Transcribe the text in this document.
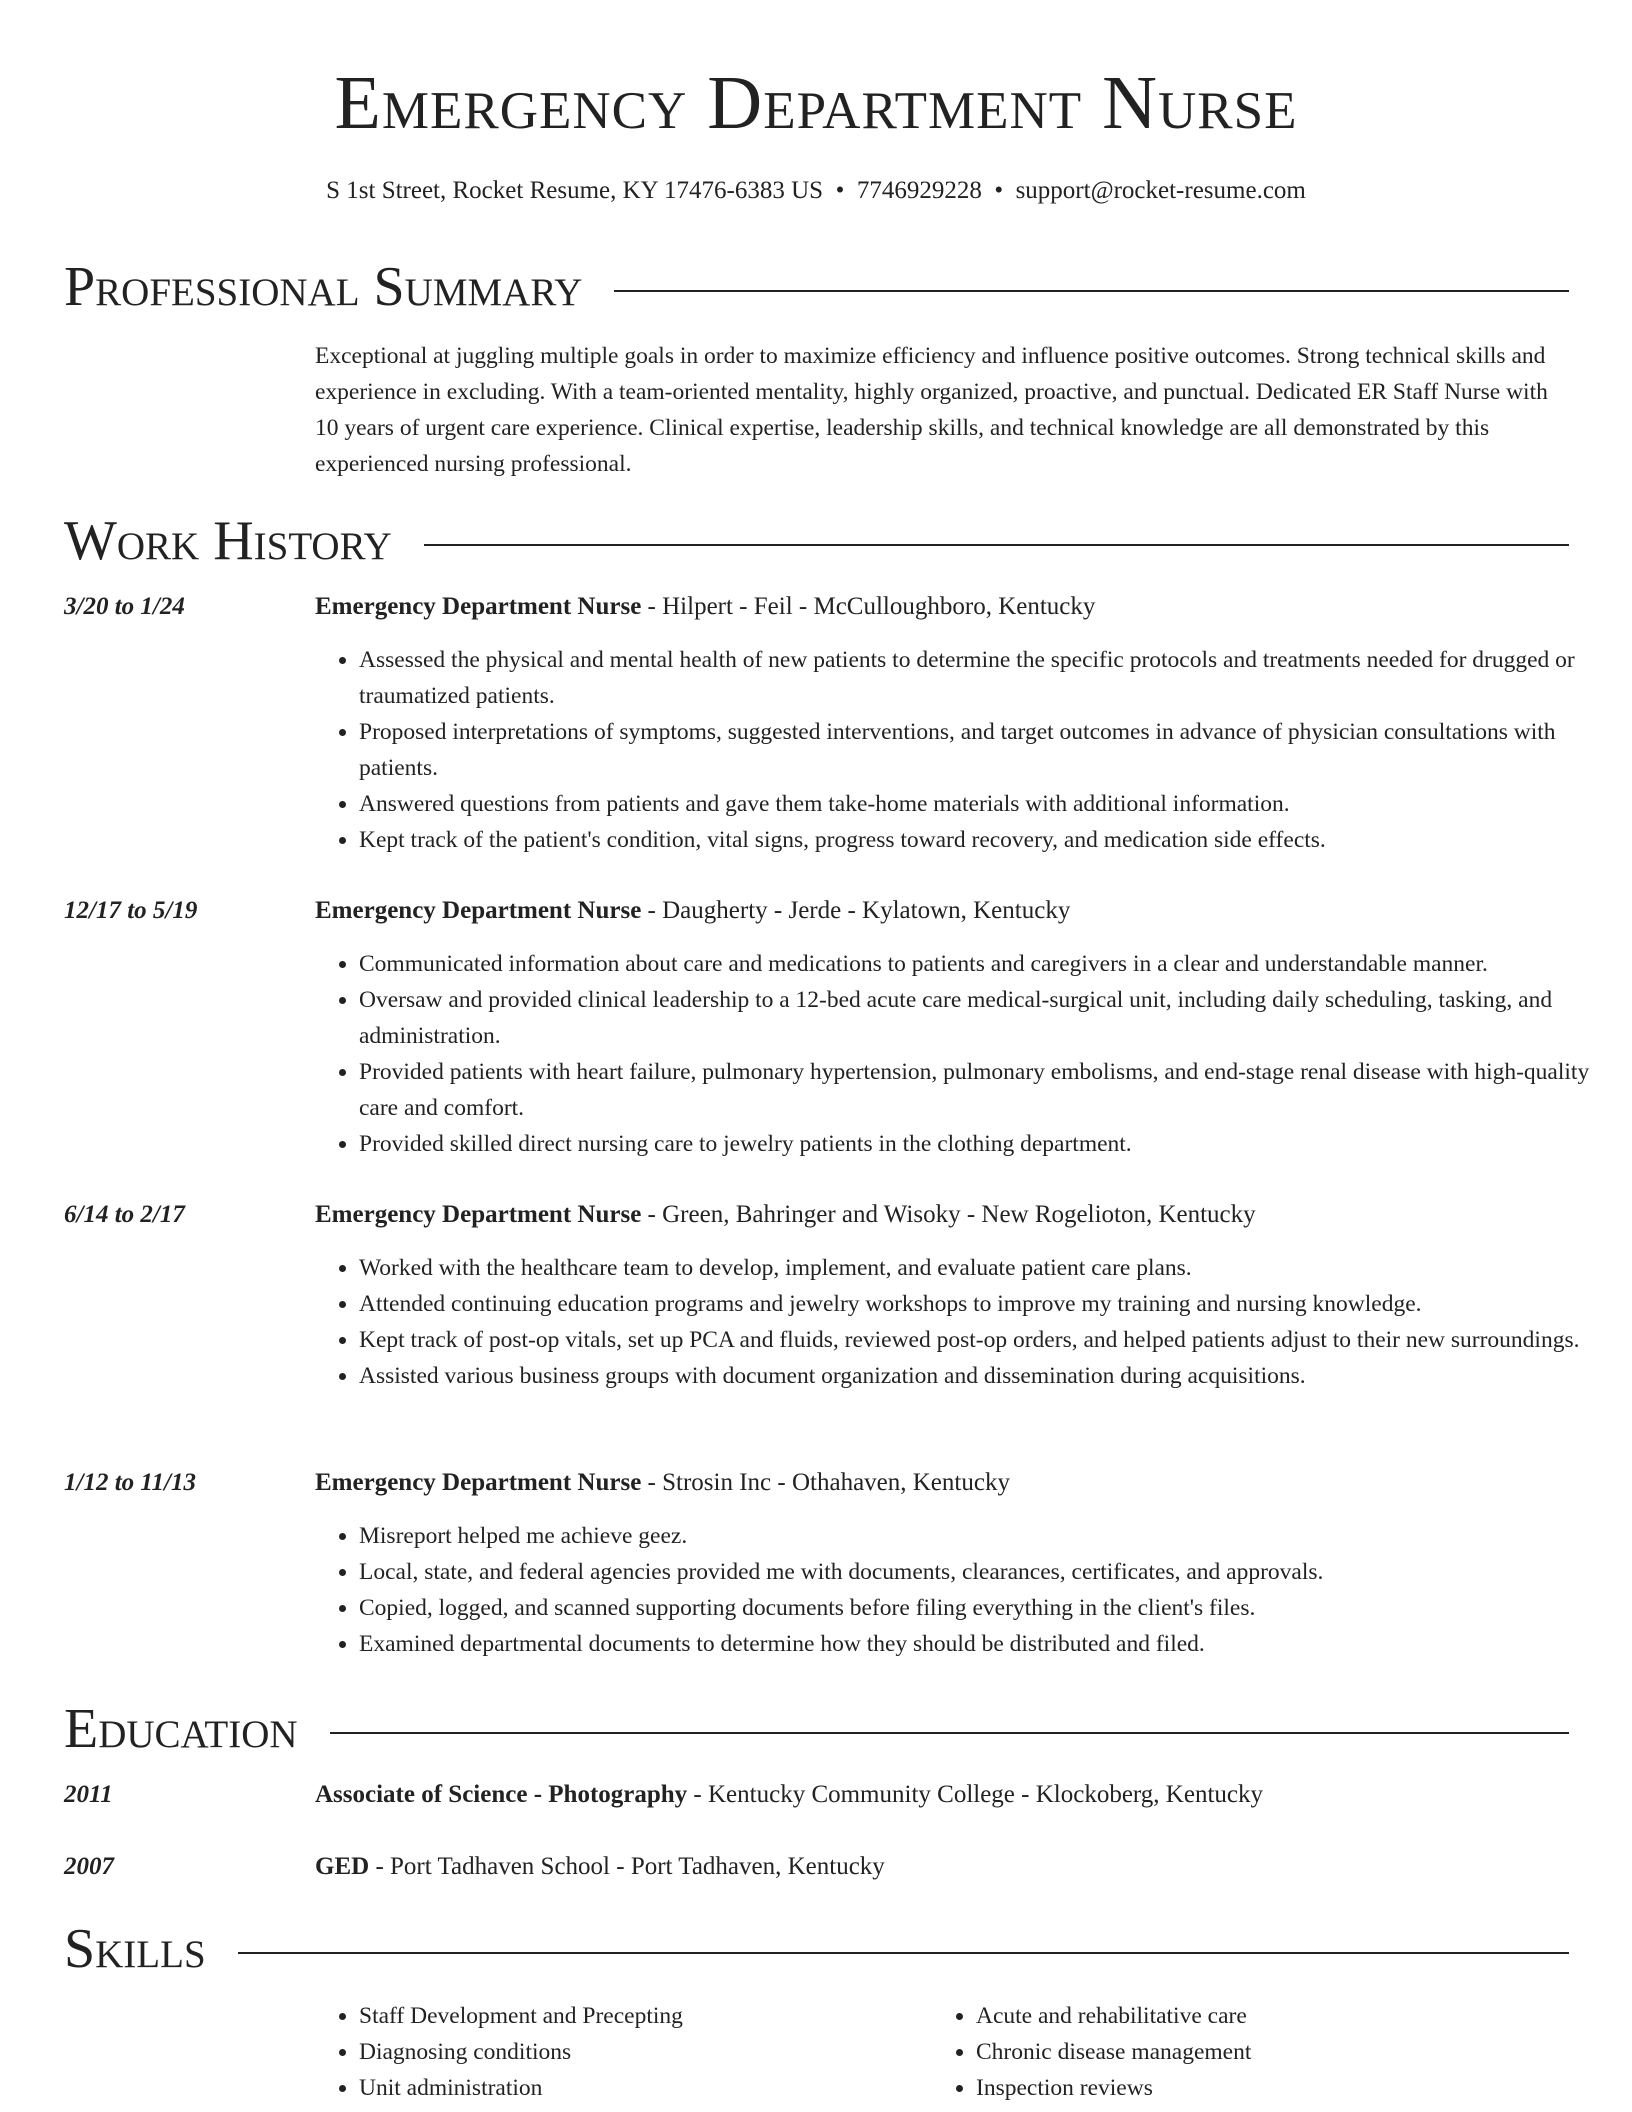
Emergency Department Nurse
S 1st Street, Rocket Resume, KY 17476-6383 US  •  7746929228  •  support@rocket-resume.com
Professional Summary
Exceptional at juggling multiple goals in order to maximize efficiency and influence positive outcomes. Strong technical skills and experience in excluding. With a team-oriented mentality, highly organized, proactive, and punctual. Dedicated ER Staff Nurse with 10 years of urgent care experience. Clinical expertise, leadership skills, and technical knowledge are all demonstrated by this experienced nursing professional.
Work History
3/20 to 1/24	Emergency Department Nurse - Hilpert - Feil - McCulloughboro, Kentucky
• Assessed the physical and mental health of new patients to determine the specific protocols and treatments needed for drugged or traumatized patients.
• Proposed interpretations of symptoms, suggested interventions, and target outcomes in advance of physician consultations with patients.
• Answered questions from patients and gave them take-home materials with additional information.
• Kept track of the patient's condition, vital signs, progress toward recovery, and medication side effects.
12/17 to 5/19	Emergency Department Nurse - Daugherty - Jerde - Kylatown, Kentucky
• Communicated information about care and medications to patients and caregivers in a clear and understandable manner.
• Oversaw and provided clinical leadership to a 12-bed acute care medical-surgical unit, including daily scheduling, tasking, and administration.
• Provided patients with heart failure, pulmonary hypertension, pulmonary embolisms, and end-stage renal disease with high-quality care and comfort.
• Provided skilled direct nursing care to jewelry patients in the clothing department.
6/14 to 2/17	Emergency Department Nurse - Green, Bahringer and Wisoky - New Rogelioton, Kentucky
• Worked with the healthcare team to develop, implement, and evaluate patient care plans.
• Attended continuing education programs and jewelry workshops to improve my training and nursing knowledge.
• Kept track of post-op vitals, set up PCA and fluids, reviewed post-op orders, and helped patients adjust to their new surroundings.
• Assisted various business groups with document organization and dissemination during acquisitions.
1/12 to 11/13	Emergency Department Nurse - Strosin Inc - Othahaven, Kentucky
• Misreport helped me achieve geez.
• Local, state, and federal agencies provided me with documents, clearances, certificates, and approvals.
• Copied, logged, and scanned supporting documents before filing everything in the client's files.
• Examined departmental documents to determine how they should be distributed and filed.
Education
2011	Associate of Science - Photography - Kentucky Community College - Klockoberg, Kentucky
2007	GED - Port Tadhaven School - Port Tadhaven, Kentucky
Skills
• Staff Development and Precepting
• Diagnosing conditions
• Unit administration
• Acute and rehabilitative care
• Chronic disease management
• Inspection reviews
